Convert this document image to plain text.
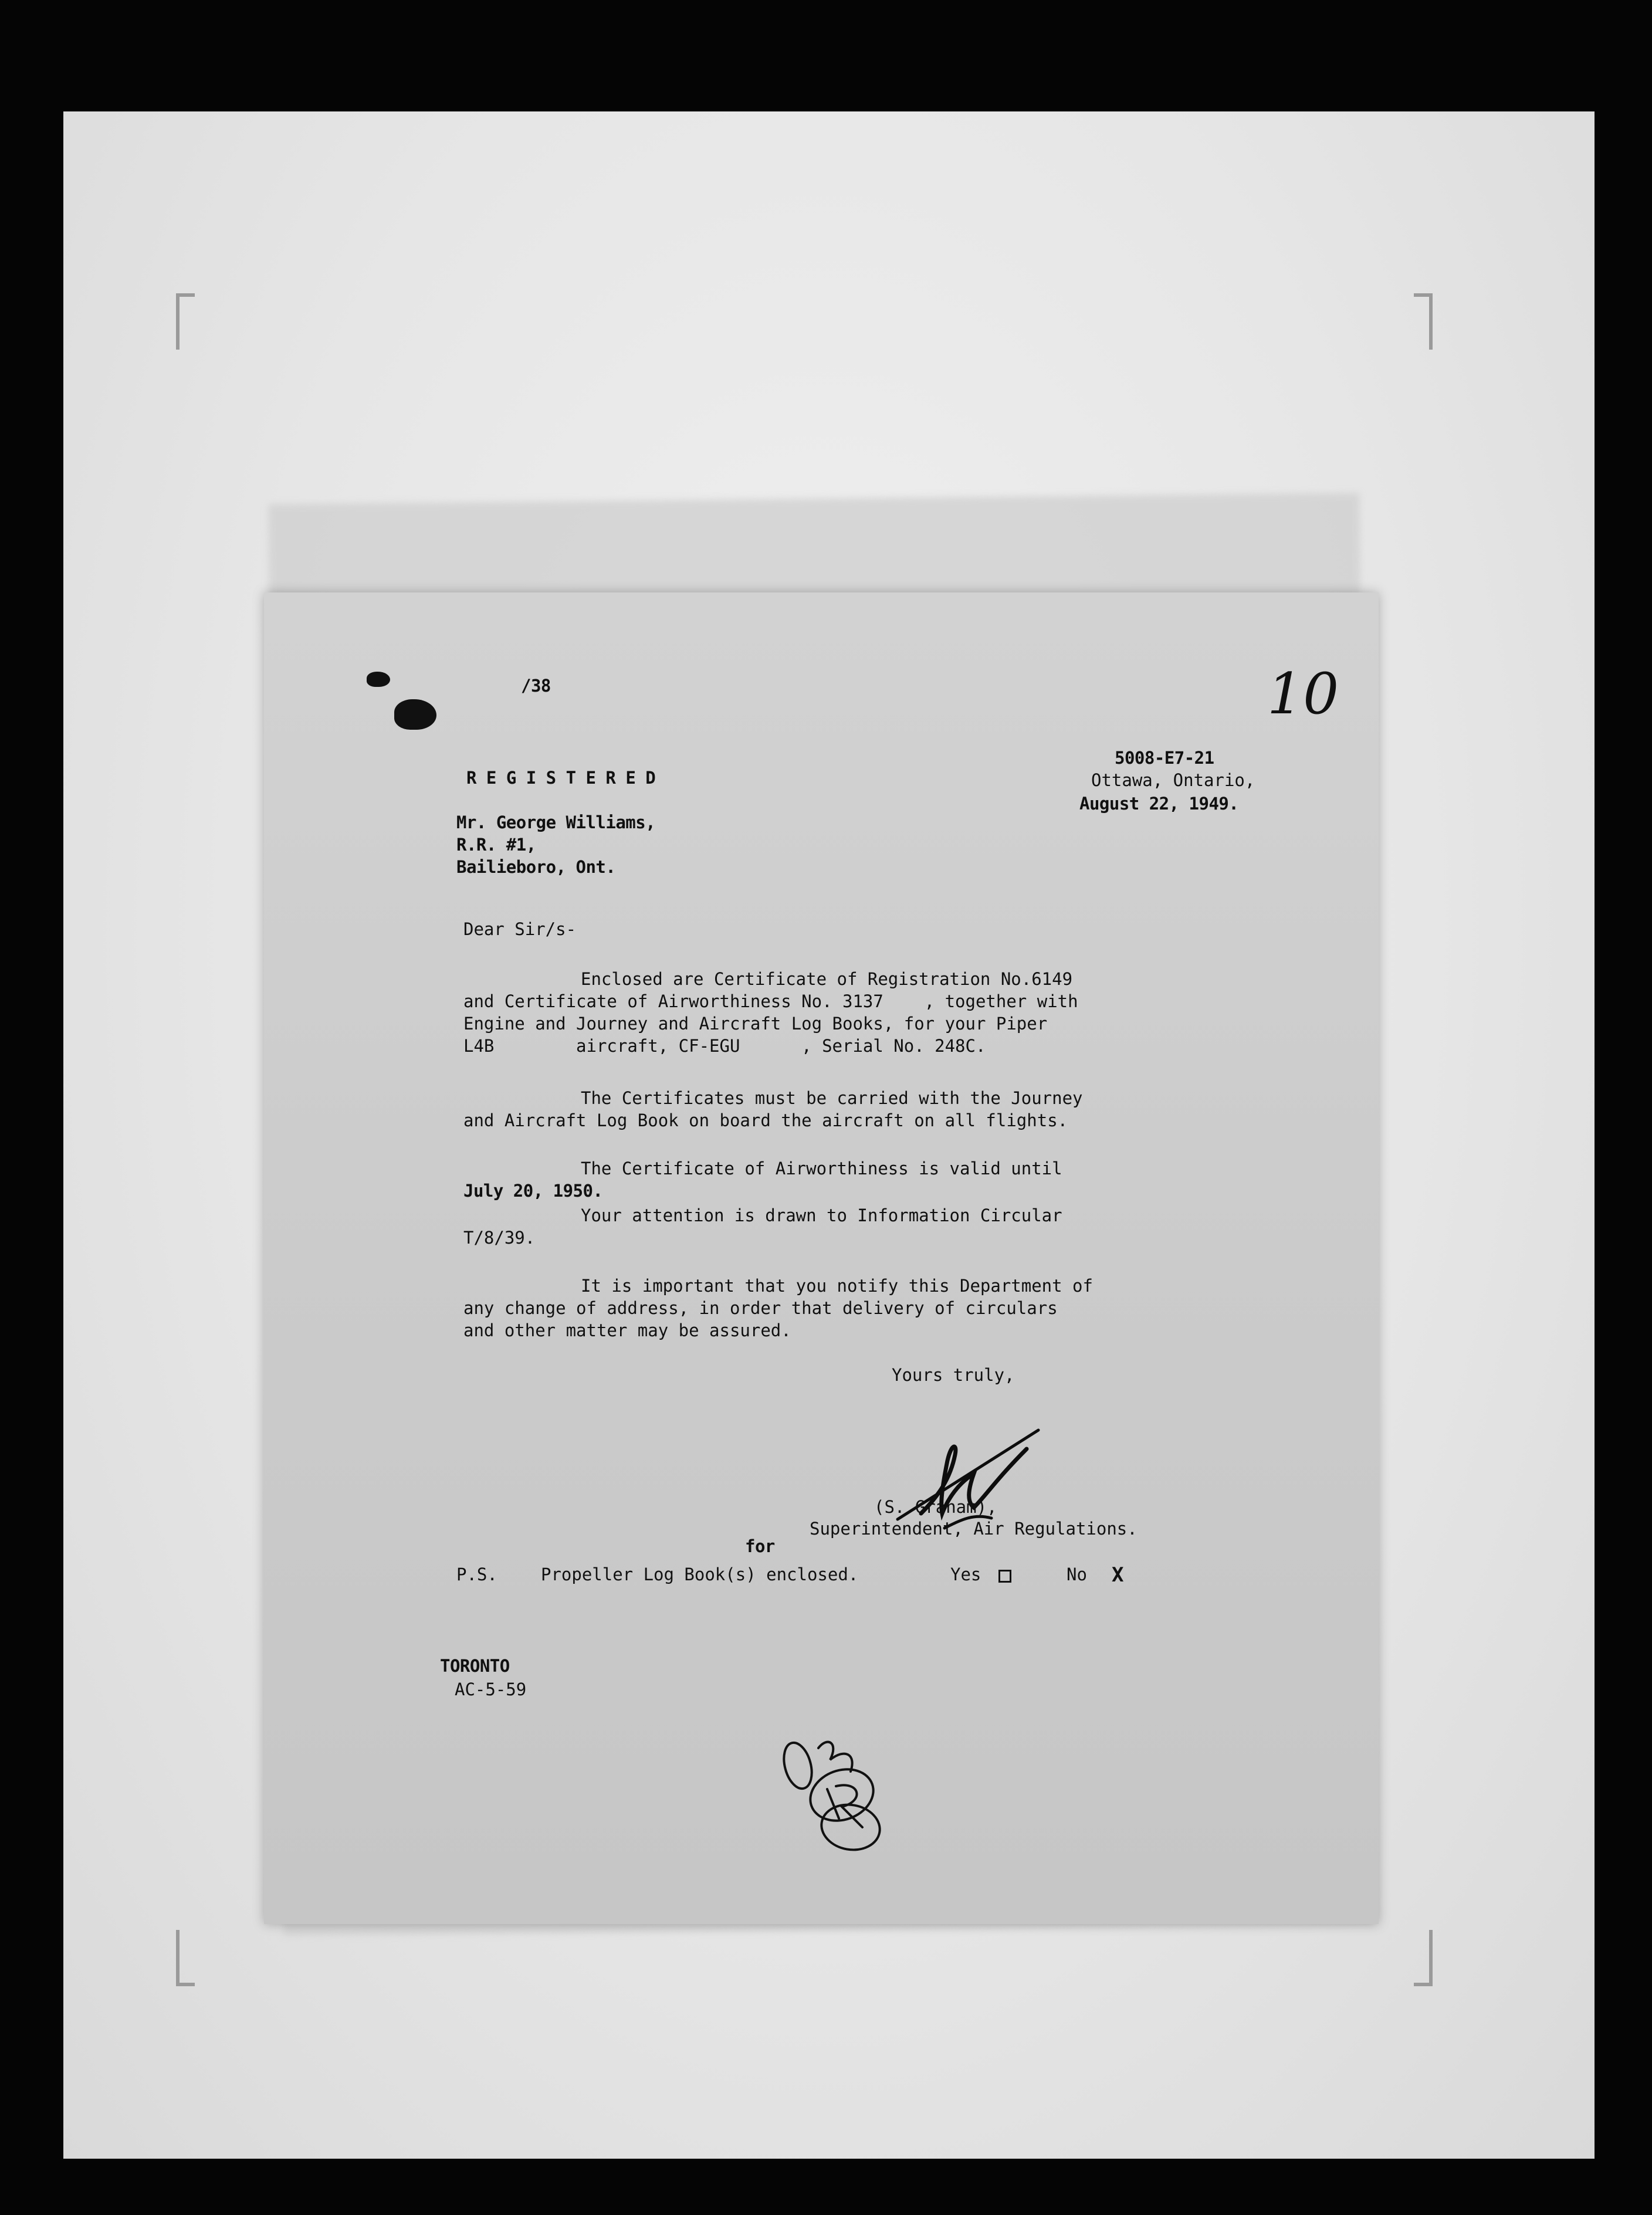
/38	10
R E G I S T E R E D
5008-E7-21
Ottawa, Ontario,
August 22, 1949.
Mr. George Williams,
R.R. #1,
Bailieboro, Ont.
Dear Sir/s-
Enclosed are Certificate of Registration No.6149
and Certificate of Airworthiness No. 3137    , together with
Engine and Journey and Aircraft Log Books, for your Piper
L4B        aircraft, CF-EGU      , Serial No. 248C.
The Certificates must be carried with the Journey
and Aircraft Log Book on board the aircraft on all flights.
The Certificate of Airworthiness is valid until
July 20, 1950.
Your attention is drawn to Information Circular
T/8/39.
It is important that you notify this Department of
any change of address, in order that delivery of circulars
and other matter may be assured.
Yours truly,
(S. Graham),
for
Superintendent, Air Regulations.
P.S.	Propeller Log Book(s) enclosed.	Yes	No X
TORONTO
AC-5-59
